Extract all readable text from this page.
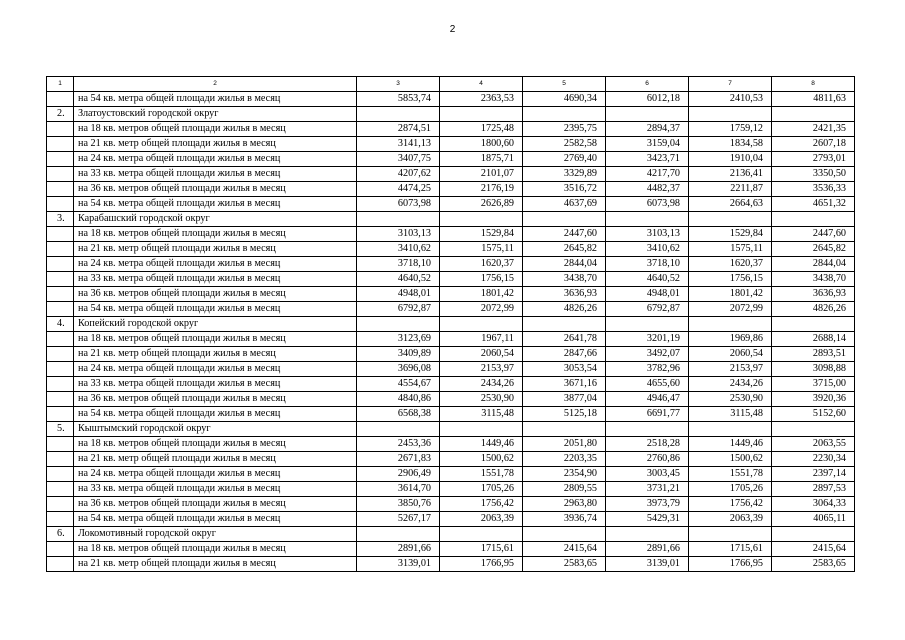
2
1	2	3	4	5	6	7	8
	на 54 кв. метра общей площади жилья в месяц	5853,74	2363,53	4690,34	6012,18	2410,53	4811,63
2.	Златоустовский городской округ						
	на 18 кв. метров общей площади жилья в месяц	2874,51	1725,48	2395,75	2894,37	1759,12	2421,35
	на 21 кв. метр общей площади жилья в месяц	3141,13	1800,60	2582,58	3159,04	1834,58	2607,18
	на 24 кв. метра общей площади жилья в месяц	3407,75	1875,71	2769,40	3423,71	1910,04	2793,01
	на 33 кв. метра общей площади жилья в месяц	4207,62	2101,07	3329,89	4217,70	2136,41	3350,50
	на 36 кв. метров общей площади жилья в месяц	4474,25	2176,19	3516,72	4482,37	2211,87	3536,33
	на 54 кв. метра общей площади жилья в месяц	6073,98	2626,89	4637,69	6073,98	2664,63	4651,32
3.	Карабашский городской округ						
	на 18 кв. метров общей площади жилья в месяц	3103,13	1529,84	2447,60	3103,13	1529,84	2447,60
	на 21 кв. метр общей площади жилья в месяц	3410,62	1575,11	2645,82	3410,62	1575,11	2645,82
	на 24 кв. метра общей площади жилья в месяц	3718,10	1620,37	2844,04	3718,10	1620,37	2844,04
	на 33 кв. метра общей площади жилья в месяц	4640,52	1756,15	3438,70	4640,52	1756,15	3438,70
	на 36 кв. метров общей площади жилья в месяц	4948,01	1801,42	3636,93	4948,01	1801,42	3636,93
	на 54 кв. метра общей площади жилья в месяц	6792,87	2072,99	4826,26	6792,87	2072,99	4826,26
4.	Копейский городской округ						
	на 18 кв. метров общей площади жилья в месяц	3123,69	1967,11	2641,78	3201,19	1969,86	2688,14
	на 21 кв. метр общей площади жилья в месяц	3409,89	2060,54	2847,66	3492,07	2060,54	2893,51
	на 24 кв. метра общей площади жилья в месяц	3696,08	2153,97	3053,54	3782,96	2153,97	3098,88
	на 33 кв. метра общей площади жилья в месяц	4554,67	2434,26	3671,16	4655,60	2434,26	3715,00
	на 36 кв. метров общей площади жилья в месяц	4840,86	2530,90	3877,04	4946,47	2530,90	3920,36
	на 54 кв. метра общей площади жилья в месяц	6568,38	3115,48	5125,18	6691,77	3115,48	5152,60
5.	Кыштымский городской округ						
	на 18 кв. метров общей площади жилья в месяц	2453,36	1449,46	2051,80	2518,28	1449,46	2063,55
	на 21 кв. метр общей площади жилья в месяц	2671,83	1500,62	2203,35	2760,86	1500,62	2230,34
	на 24 кв. метра общей площади жилья в месяц	2906,49	1551,78	2354,90	3003,45	1551,78	2397,14
	на 33 кв. метра общей площади жилья в месяц	3614,70	1705,26	2809,55	3731,21	1705,26	2897,53
	на 36 кв. метров общей площади жилья в месяц	3850,76	1756,42	2963,80	3973,79	1756,42	3064,33
	на 54 кв. метра общей площади жилья в месяц	5267,17	2063,39	3936,74	5429,31	2063,39	4065,11
6.	Локомотивный городской округ						
	на 18 кв. метров общей площади жилья в месяц	2891,66	1715,61	2415,64	2891,66	1715,61	2415,64
	на 21 кв. метр общей площади жилья в месяц	3139,01	1766,95	2583,65	3139,01	1766,95	2583,65
